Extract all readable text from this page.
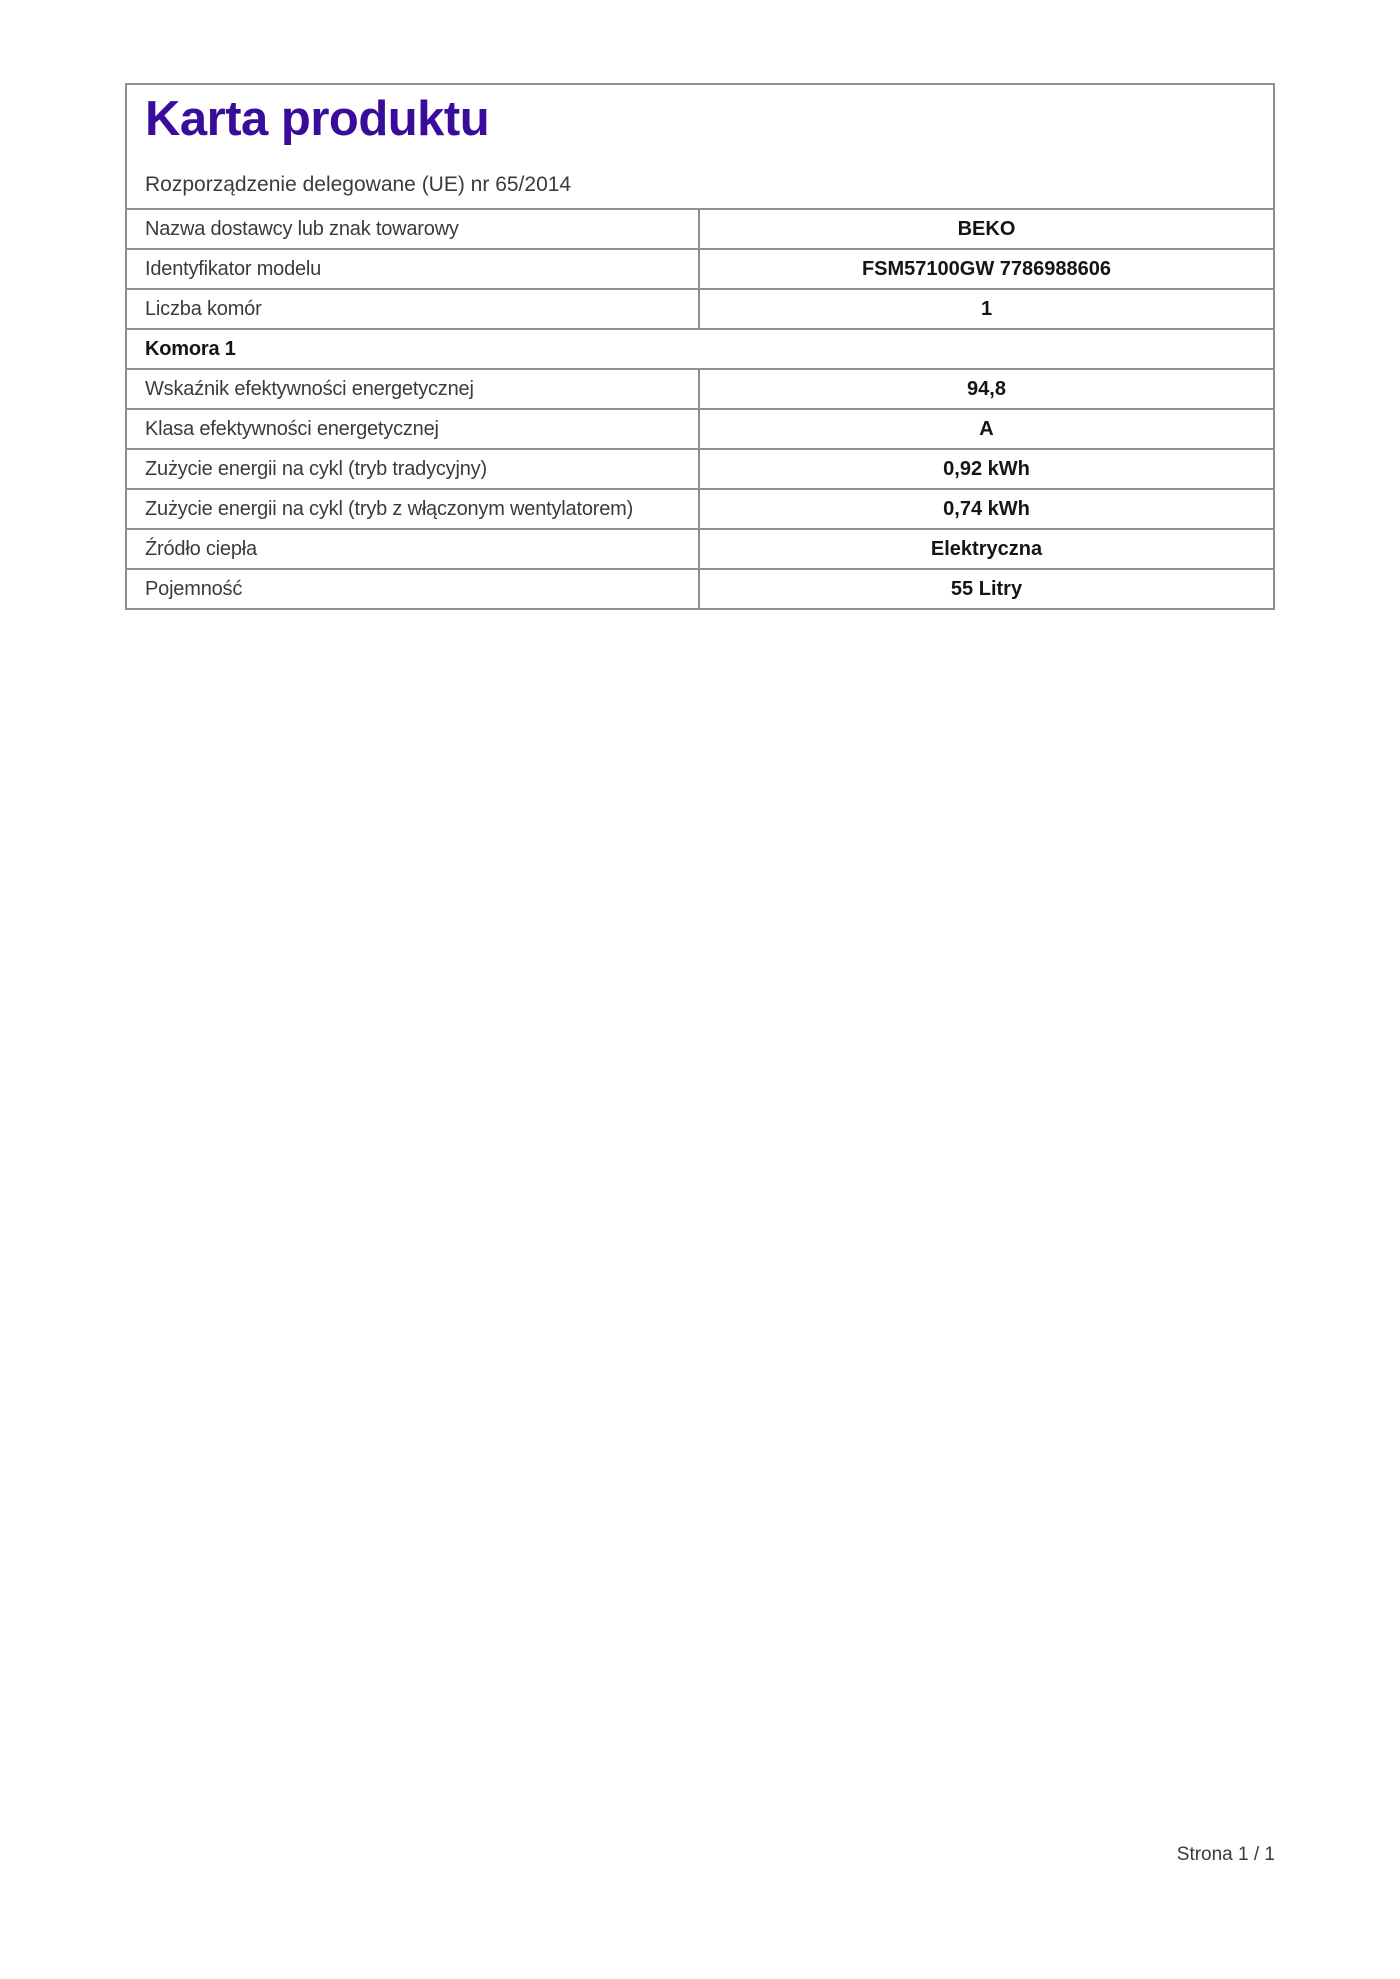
Karta produktu
Rozporządzenie delegowane (UE) nr 65/2014
Nazwa dostawcy lub znak towarowy	BEKO
Identyfikator modelu	FSM57100GW 7786988606
Liczba komór	1
Komora 1
Wskaźnik efektywności energetycznej	94,8
Klasa efektywności energetycznej	A
Zużycie energii na cykl (tryb tradycyjny)	0,92 kWh
Zużycie energii na cykl (tryb z włączonym wentylatorem)	0,74 kWh
Źródło ciepła	Elektryczna
Pojemność	55 Litry
Strona 1 / 1
